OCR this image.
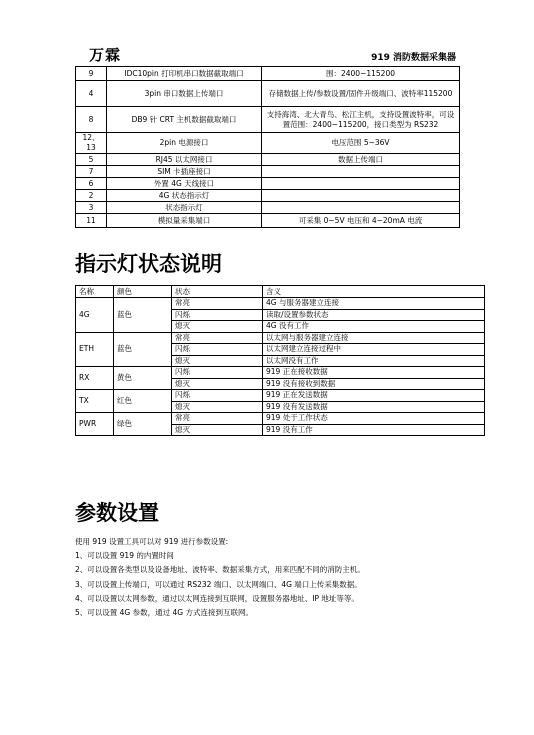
万霖	919 消防数据采集器
9	IDC10pin 打印机串口数据截取端口	围：2400~115200
4	3pin 串口数据上传端口	存储数据上传/参数设置/固件升级端口、波特率115200
8	DB9 针 CRT 主机数据截取端口	支持海湾、北大青鸟、松江主机，支持设置波特率，可设置范围：2400~115200，接口类型为 RS232
12、13	2pin 电源接口	电压范围 5~36V
5	RJ45 以太网接口	数据上传端口
7	SIM 卡插座接口	
6	外置 4G 天线接口	
2	4G 状态指示灯	
3	状态指示灯	
11	模拟量采集端口	可采集 0~5V 电压和 4~20mA 电流
指示灯状态说明
名称	颜色	状态	含义
4G	蓝色	常亮	4G 与服务器建立连接
		闪烁	读取/设置参数状态
		熄灭	4G 没有工作
ETH	蓝色	常亮	以太网与服务器建立连接
		闪烁	以太网建立连接过程中
		熄灭	以太网没有工作
RX	黄色	闪烁	919 正在接收数据
		熄灭	919 没有接收到数据
TX	红色	闪烁	919 正在发送数据
		熄灭	919 没有发送数据
PWR	绿色	常亮	919 处于工作状态
		熄灭	919 没有工作
参数设置
使用 919 设置工具可以对 919 进行参数设置:
1、可以设置 919 的内置时间
2、可以设置各类型以及设备地址、波特率、数据采集方式，用来匹配不同的消防主机。
3、可以设置上传端口，可以通过 RS232 端口、以太网端口、4G 端口上传采集数据。
4、可以设置以太网参数，通过以太网连接到互联网，设置服务器地址、IP 地址等等。
5、可以设置 4G 参数，通过 4G 方式连接到互联网。
